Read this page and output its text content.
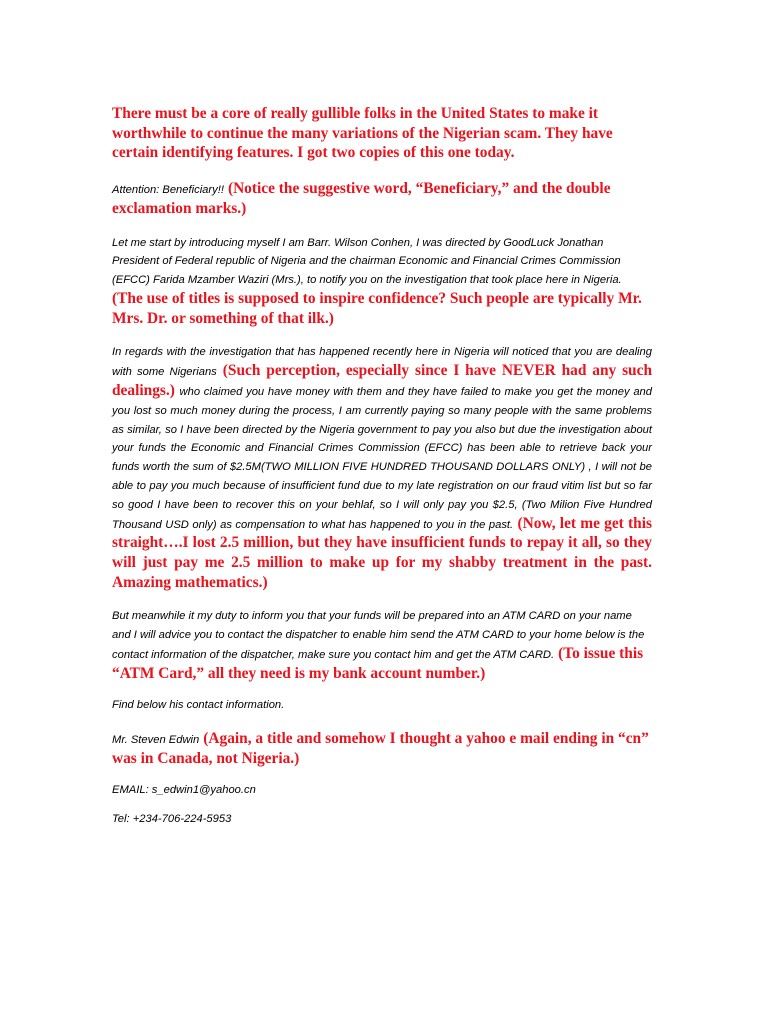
There must be a core of really gullible folks in the United States to make it worthwhile to continue the many variations of the Nigerian scam. They have certain identifying features. I got two copies of this one today.

Attention: Beneficiary!! (Notice the suggestive word, “Beneficiary,” and the double exclamation marks.)

Let me start by introducing myself I am Barr. Wilson Conhen, I was directed by GoodLuck Jonathan President of Federal republic of Nigeria and the chairman Economic and Financial Crimes Commission (EFCC) Farida Mzamber Waziri (Mrs.), to notify you on the investigation that took place here in Nigeria. (The use of titles is supposed to inspire confidence? Such people are typically Mr. Mrs. Dr. or something of that ilk.)

In regards with the investigation that has happened recently here in Nigeria will noticed that you are dealing with some Nigerians (Such perception, especially since I have NEVER had any such dealings.) who claimed you have money with them and they have failed to make you get the money and you lost so much money during the process, I am currently paying so many people with the same problems as similar, so I have been directed by the Nigeria government to pay you also but due the investigation about your funds the Economic and Financial Crimes Commission (EFCC) has been able to retrieve back your funds worth the sum of $2.5M(TWO MILLION FIVE HUNDRED THOUSAND DOLLARS ONLY) , I will not be able to pay you much because of insufficient fund due to my late registration on our fraud vitim list but so far so good I have been to recover this on your behlaf, so I will only pay you $2.5, (Two Milion Five Hundred Thousand USD only) as compensation to what has happened to you in the past. (Now, let me get this straight….I lost 2.5 million, but they have insufficient funds to repay it all, so they will just pay me 2.5 million to make up for my shabby treatment in the past. Amazing mathematics.)

But meanwhile it my duty to inform you that your funds will be prepared into an ATM CARD on your name and I will advice you to contact the dispatcher to enable him send the ATM CARD to your home below is the contact information of the dispatcher, make sure you contact him and get the ATM CARD. (To issue this “ATM Card,” all they need is my bank account number.)

Find below his contact information.

Mr. Steven Edwin (Again, a title and somehow I thought a yahoo e mail ending in “cn” was in Canada, not Nigeria.)

EMAIL: s_edwin1@yahoo.cn

Tel: +234-706-224-5953
